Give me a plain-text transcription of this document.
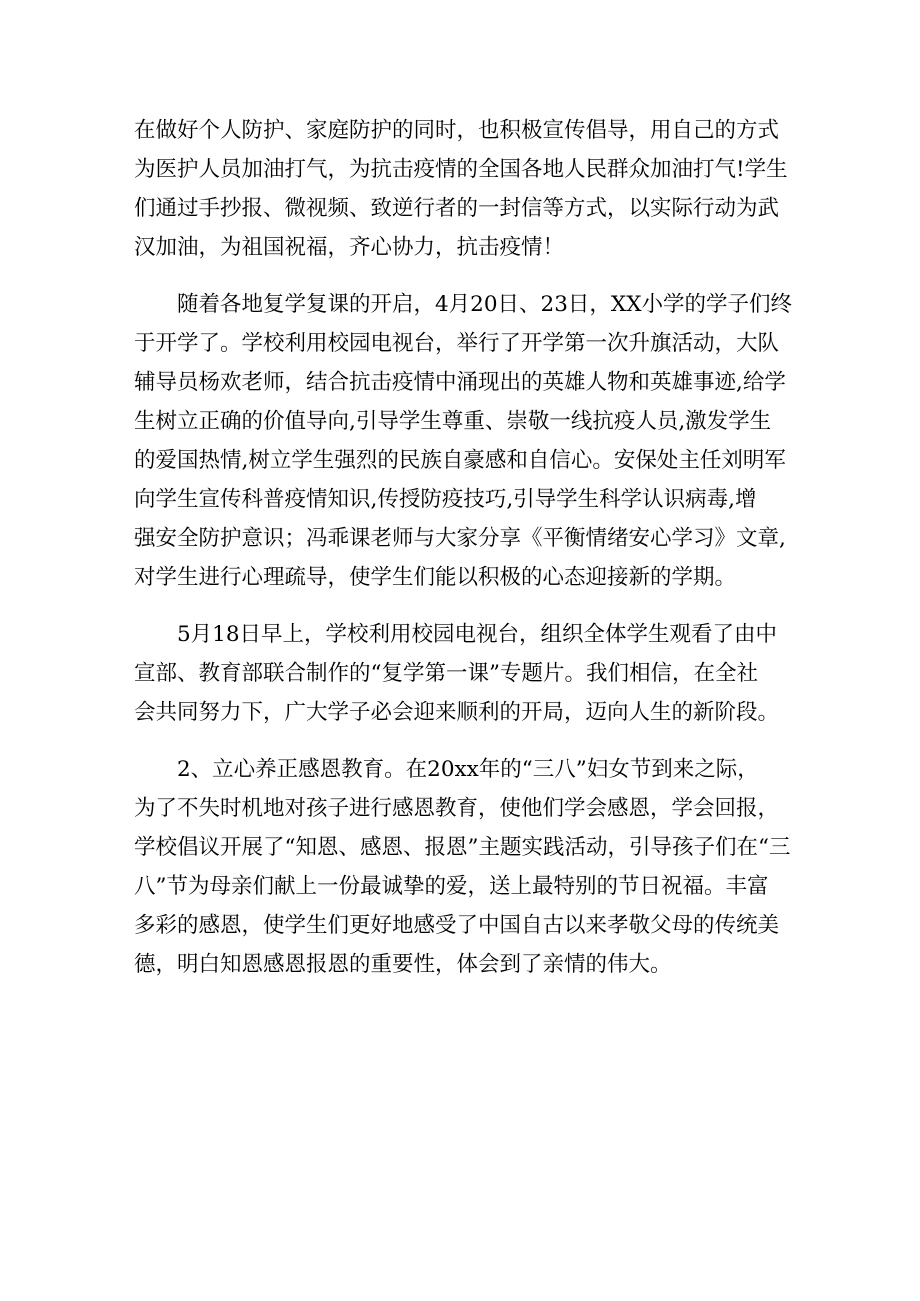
在做好个人防护、家庭防护的同时，也积极宣传倡导，用自己的方式
为医护人员加油打气，为抗击疫情的全国各地人民群众加油打气!学生
们通过手抄报、微视频、致逆行者的一封信等方式，以实际行动为武
汉加油，为祖国祝福，齐心协力，抗击疫情！
随着各地复学复课的开启，4月20日、23日，XX小学的学子们终
于开学了。学校利用校园电视台，举行了开学第一次升旗活动，大队
辅导员杨欢老师，结合抗击疫情中涌现出的英雄人物和英雄事迹,给学
生树立正确的价值导向,引导学生尊重、崇敬一线抗疫人员,激发学生
的爱国热情,树立学生强烈的民族自豪感和自信心。安保处主任刘明军
向学生宣传科普疫情知识,传授防疫技巧,引导学生科学认识病毒,增
强安全防护意识；冯乖课老师与大家分享《平衡情绪安心学习》文章,
对学生进行心理疏导，使学生们能以积极的心态迎接新的学期。
5月18日早上，学校利用校园电视台，组织全体学生观看了由中
宣部、教育部联合制作的“复学第一课”专题片。我们相信，在全社
会共同努力下，广大学子必会迎来顺利的开局，迈向人生的新阶段。
2、立心养正感恩教育。在20xx年的“三八”妇女节到来之际，
为了不失时机地对孩子进行感恩教育，使他们学会感恩，学会回报，
学校倡议开展了“知恩、感恩、报恩”主题实践活动，引导孩子们在“三
八”节为母亲们献上一份最诚挚的爱，送上最特别的节日祝福。丰富
多彩的感恩，使学生们更好地感受了中国自古以来孝敬父母的传统美
德，明白知恩感恩报恩的重要性，体会到了亲情的伟大。
